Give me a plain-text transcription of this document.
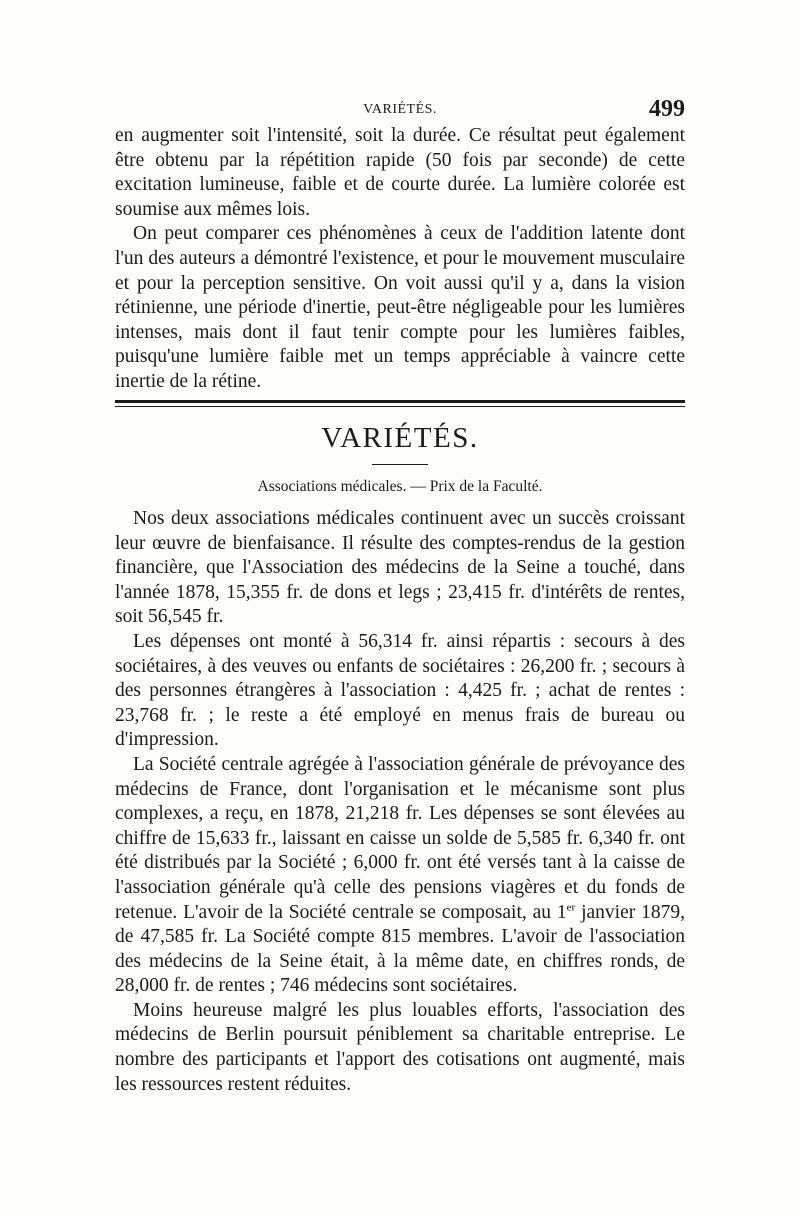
VARIÉTÉS.	499

en augmenter soit l'intensité, soit la durée. Ce résultat peut également être obtenu par la répétition rapide (50 fois par seconde) de cette excitation lumineuse, faible et de courte durée. La lumière colorée est soumise aux mêmes lois.

On peut comparer ces phénomènes à ceux de l'addition latente dont l'un des auteurs a démontré l'existence, et pour le mouvement musculaire et pour la perception sensitive. On voit aussi qu'il y a, dans la vision rétinienne, une période d'inertie, peut-être négligeable pour les lumières intenses, mais dont il faut tenir compte pour les lumières faibles, puisqu'une lumière faible met un temps appréciable à vaincre cette inertie de la rétine.

VARIÉTÉS.
Associations médicales. — Prix de la Faculté.

Nos deux associations médicales continuent avec un succès croissant leur œuvre de bienfaisance. Il résulte des comptes-rendus de la gestion financière, que l'Association des médecins de la Seine a touché, dans l'année 1878, 15,355 fr. de dons et legs ; 23,415 fr. d'intérêts de rentes, soit 56,545 fr.

Les dépenses ont monté à 56,314 fr. ainsi répartis : secours à des sociétaires, à des veuves ou enfants de sociétaires : 26,200 fr. ; secours à des personnes étrangères à l'association : 4,425 fr. ; achat de rentes : 23,768 fr. ; le reste a été employé en menus frais de bureau ou d'impression.

La Société centrale agrégée à l'association générale de prévoyance des médecins de France, dont l'organisation et le mécanisme sont plus complexes, a reçu, en 1878, 21,218 fr. Les dépenses se sont élevées au chiffre de 15,633 fr., laissant en caisse un solde de 5,585 fr. 6,340 fr. ont été distribués par la Société ; 6,000 fr. ont été versés tant à la caisse de l'association générale qu'à celle des pensions viagères et du fonds de retenue. L'avoir de la Société centrale se composait, au 1er janvier 1879, de 47,585 fr. La Société compte 815 membres. L'avoir de l'association des médecins de la Seine était, à la même date, en chiffres ronds, de 28,000 fr. de rentes ; 746 médecins sont sociétaires.

Moins heureuse malgré les plus louables efforts, l'association des médecins de Berlin poursuit péniblement sa charitable entreprise. Le nombre des participants et l'apport des cotisations ont augmenté, mais les ressources restent réduites.
